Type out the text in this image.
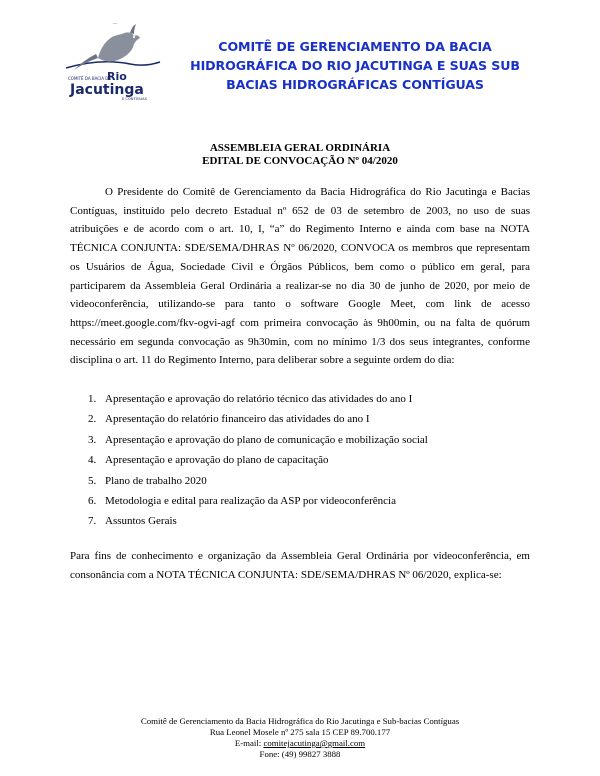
COMITÊ DA BACIA DO
Rio
Jacutinga
E CONTÍGUAS
COMITÊ DE GERENCIAMENTO DA BACIA
HIDROGRÁFICA DO RIO JACUTINGA E SUAS SUB
BACIAS HIDROGRÁFICAS CONTÍGUAS
ASSEMBLEIA GERAL ORDINÁRIA
EDITAL DE CONVOCAÇÃO Nº 04/2020
O Presidente do Comitê de Gerenciamento da Bacia Hidrográfica do Rio Jacutinga e Bacias Contíguas, instituído pelo decreto Estadual nº 652 de 03 de setembro de 2003, no uso de suas atribuições e de acordo com o art. 10, I, “a” do Regimento Interno e ainda com base na NOTA TÉCNICA CONJUNTA: SDE/SEMA/DHRAS Nº 06/2020, CONVOCA os membros que representam os Usuários de Água, Sociedade Civil e Órgãos Públicos, bem como o público em geral, para participarem da Assembleia Geral Ordinária a realizar-se no dia 30 de junho de 2020, por meio de videoconferência, utilizando-se para tanto o software Google Meet, com link de acesso https://meet.google.com/fkv-ogvi-agf com primeira convocação às 9h00min, ou na falta de quórum necessário em segunda convocação as 9h30min, com no mínimo 1/3 dos seus integrantes, conforme disciplina o art. 11 do Regimento Interno, para deliberar sobre a seguinte ordem do dia:
1. Apresentação e aprovação do relatório técnico das atividades do ano I
2. Apresentação do relatório financeiro das atividades do ano I
3. Apresentação e aprovação do plano de comunicação e mobilização social
4. Apresentação e aprovação do plano de capacitação
5. Plano de trabalho 2020
6. Metodologia e edital para realização da ASP por videoconferência
7. Assuntos Gerais
Para fins de conhecimento e organização da Assembleia Geral Ordinária por videoconferência, em consonância com a NOTA TÉCNICA CONJUNTA: SDE/SEMA/DHRAS Nº 06/2020, explica-se:
Comitê de Gerenciamento da Bacia Hidrográfica do Rio Jacutinga e Sub-bacias Contíguas
Rua Leonel Mosele nº 275 sala 15 CEP 89.700.177
E-mail: comitejacutinga@gmail.com
Fone: (49) 99827 3888
